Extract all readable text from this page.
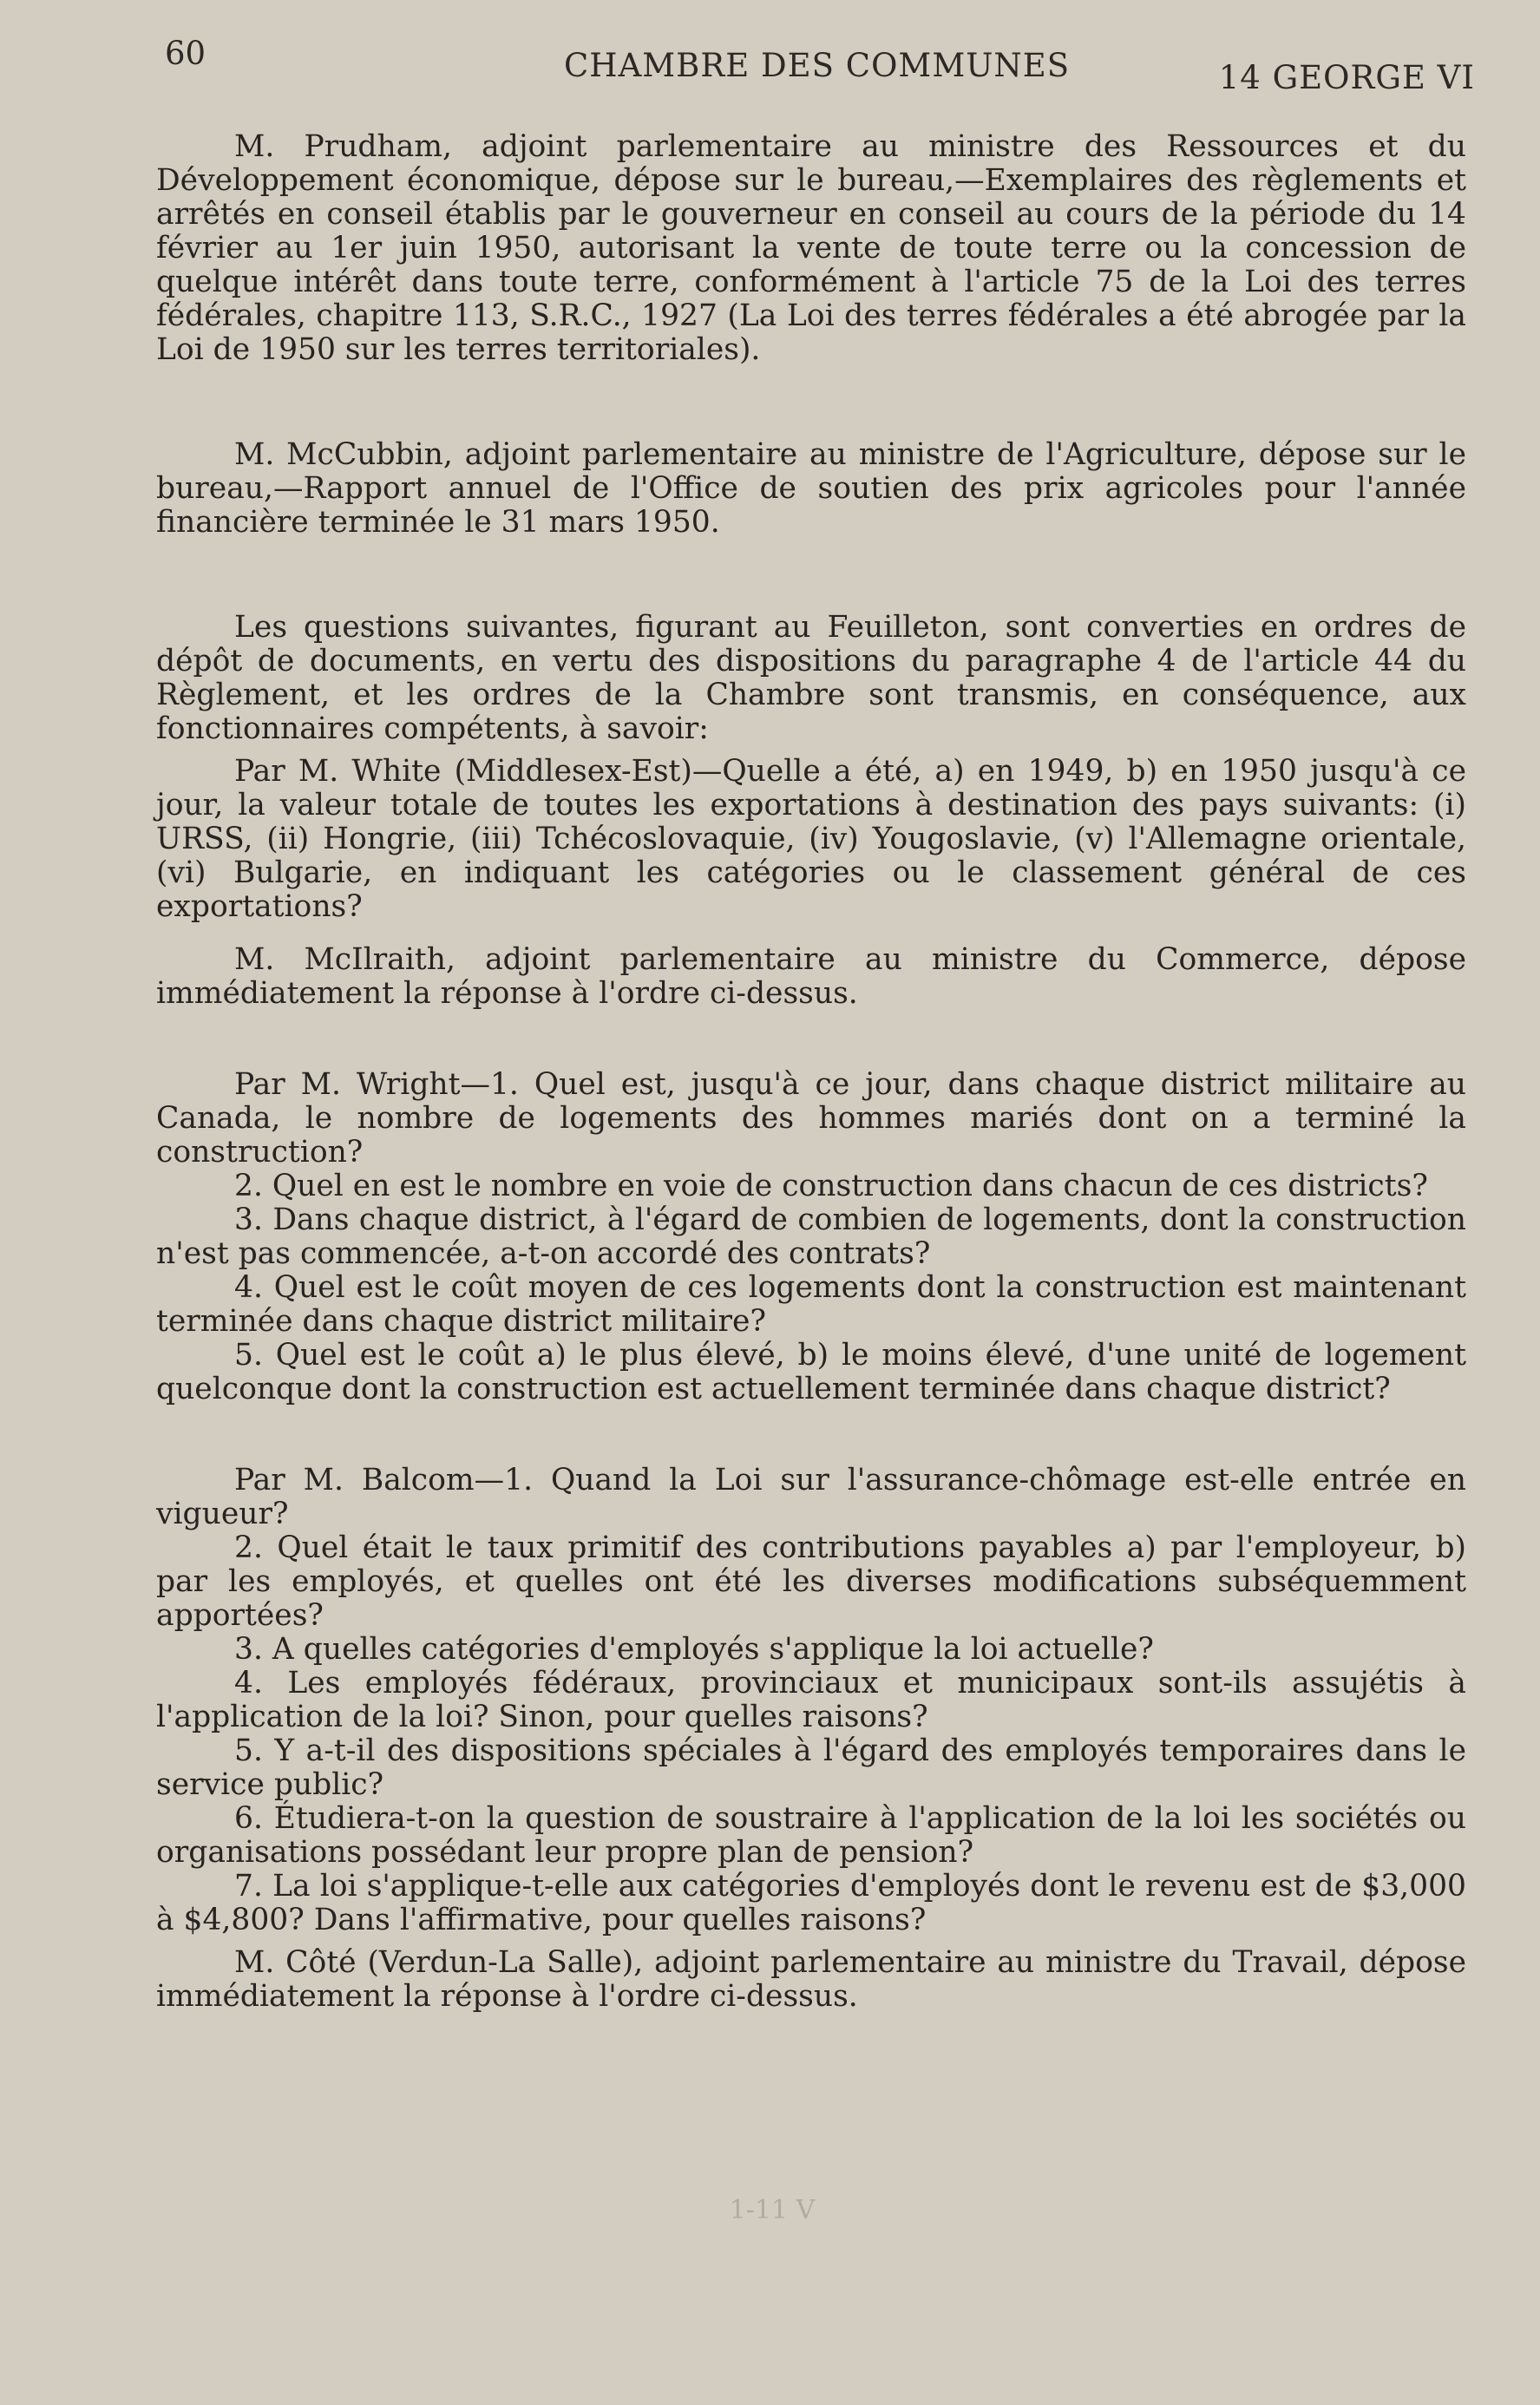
60	CHAMBRE DES COMMUNES	14 GEORGE VI

M. Prudham, adjoint parlementaire au ministre des Ressources et du Développement économique, dépose sur le bureau,—Exemplaires des règlements et arrêtés en conseil établis par le gouverneur en conseil au cours de la période du 14 février au 1er juin 1950, autorisant la vente de toute terre ou la concession de quelque intérêt dans toute terre, conformément à l'article 75 de la Loi des terres fédérales, chapitre 113, S.R.C., 1927 (La Loi des terres fédérales a été abrogée par la Loi de 1950 sur les terres territoriales).

M. McCubbin, adjoint parlementaire au ministre de l'Agriculture, dépose sur le bureau,—Rapport annuel de l'Office de soutien des prix agricoles pour l'année financière terminée le 31 mars 1950.

Les questions suivantes, figurant au Feuilleton, sont converties en ordres de dépôt de documents, en vertu des dispositions du paragraphe 4 de l'article 44 du Règlement, et les ordres de la Chambre sont transmis, en conséquence, aux fonctionnaires compétents, à savoir:

Par M. White (Middlesex-Est)—Quelle a été, a) en 1949, b) en 1950 jusqu'à ce jour, la valeur totale de toutes les exportations à destination des pays suivants: (i) URSS, (ii) Hongrie, (iii) Tchécoslovaquie, (iv) Yougoslavie, (v) l'Allemagne orientale, (vi) Bulgarie, en indiquant les catégories ou le classement général de ces exportations?

M. McIlraith, adjoint parlementaire au ministre du Commerce, dépose immédiatement la réponse à l'ordre ci-dessus.

Par M. Wright—1. Quel est, jusqu'à ce jour, dans chaque district militaire au Canada, le nombre de logements des hommes mariés dont on a terminé la construction?

2. Quel en est le nombre en voie de construction dans chacun de ces districts?

3. Dans chaque district, à l'égard de combien de logements, dont la construction n'est pas commencée, a-t-on accordé des contrats?

4. Quel est le coût moyen de ces logements dont la construction est maintenant terminée dans chaque district militaire?

5. Quel est le coût a) le plus élevé, b) le moins élevé, d'une unité de logement quelconque dont la construction est actuellement terminée dans chaque district?

Par M. Balcom—1. Quand la Loi sur l'assurance-chômage est-elle entrée en vigueur?

2. Quel était le taux primitif des contributions payables a) par l'employeur, b) par les employés, et quelles ont été les diverses modifications subséquemment apportées?

3. A quelles catégories d'employés s'applique la loi actuelle?

4. Les employés fédéraux, provinciaux et municipaux sont-ils assujétis à l'application de la loi? Sinon, pour quelles raisons?

5. Y a-t-il des dispositions spéciales à l'égard des employés temporaires dans le service public?

6. Étudiera-t-on la question de soustraire à l'application de la loi les sociétés ou organisations possédant leur propre plan de pension?

7. La loi s'applique-t-elle aux catégories d'employés dont le revenu est de $3,000 à $4,800? Dans l'affirmative, pour quelles raisons?

M. Côté (Verdun-La Salle), adjoint parlementaire au ministre du Travail, dépose immédiatement la réponse à l'ordre ci-dessus.

1-11 V
